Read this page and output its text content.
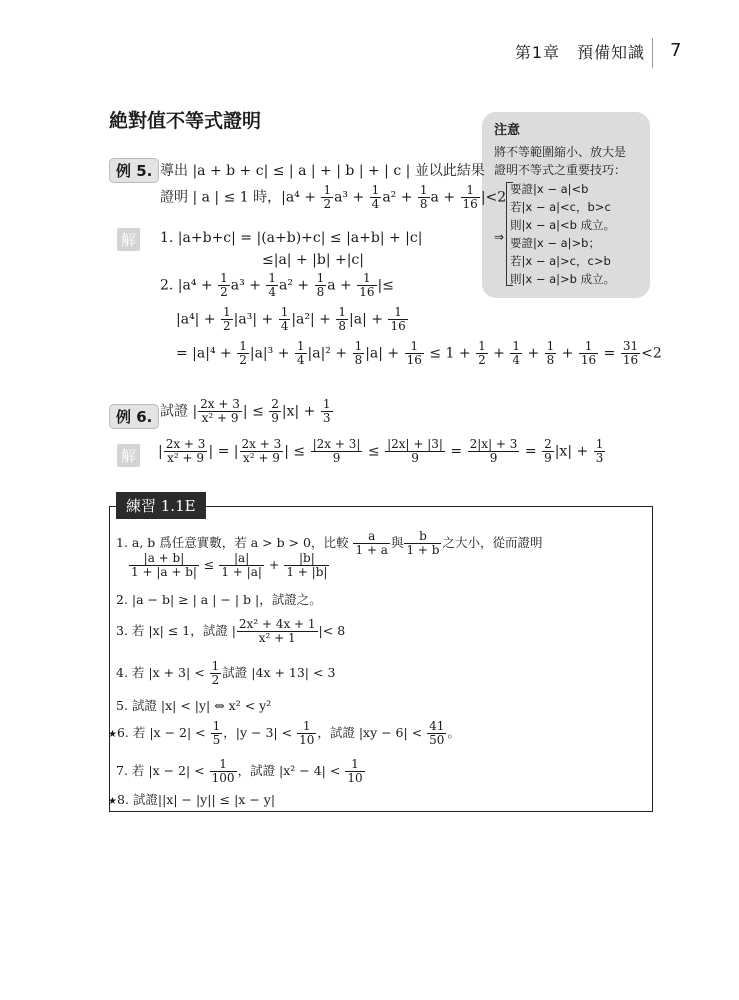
第1章　預備知識 7
絶對值不等式證明	注意
將不等範圍縮小、放大是
證明不等式之重要技巧：
⇒
要證|x − a|<b
若|x − a|<c，b>c
則|x − a|<b 成立。
要證|x − a|>b；
若|x − a|>c，c>b
則|x − a|>b 成立。
例 5. 導出 |a + b + c| ≤ | a | + | b | + | c | 並以此結果
證明 | a | ≤ 1 時，$|a^4 + \frac{1}{2} a^3 + \frac{1}{4} a^2 + \frac{1}{8}$ $a + \frac{1}{16} |<2$
解 1. |a+b+c| = |(a+b)+c| ≤ |a+b| + |c|
≤|a| + |b| +|c|
2. $|a^4 + \frac{1}{2} a^3 + \frac{1}{4} a^2 + \frac{1}{8}$ $a + \frac{1}{16}$ |≤
$|a^4| + \frac{1}{2} |a^3| + \frac{1}{4} |a^2| + \frac{1}{8} |a| + \frac{1}{16}$
= $|a|^4 + \frac{1}{2} |a|^3 + \frac{1}{4} |a|^2 + \frac{1}{8} |a| + \frac{1}{16} \le 1 + \frac{1}{2} + \frac{1}{4} + \frac{1}{8} + \frac{1}{16} = \frac{31}{16} <2$
例 6. 試證 | $\frac{2x + 3}{\text{x² + 9}}$ | ≤ $\frac{2}{9} |x| + \frac{1}{3}$
解 | $\frac{2x + 3}{\text{x² + 9}}$ | = | $\frac{2x + 3}{\text{x² + 9}}$ | ≤ $\frac{|2x + 3|}{9} \le \frac{|2x| + |3|}{9} = \frac{2|x| + 3}{9} = \frac{2}{9} |x| + \frac{1}{3}$
練習 1.1E
1. a, b 爲任意實數，若 a > b > 0，比較 $\frac{a}{1 + a}$ 與 $\frac{b}{1 + b}$ 之大小，從而證明
$\frac{|a + b|}{1 + |a + b|} \le \frac{|a|}{1 + |a|} + \frac{|b|}{1 + |b|}$
2. |a − b| ≥ | a | − | b |，試證之。
3. 若 |x| ≤ 1，試證 | $\frac{\text{2x² + 4x + 1}}{\text{x² + 1}}$ |< 8
4. 若 $|x + 3| < \frac{1}{2}$ 試證 |4x + 13| < 3
5. 試證 |x| < |y| ⇔ x² < y²
★6. 若 $|x - 2| < \frac{1}{5}$ ，$|y - 3| < \frac{1}{10}$ ，試證 $|xy - 6| < \frac{41}{50}$ 。
7. 若 $|x - 2| < \frac{1}{100}$ ，試證 $|x^2 - 4| < \frac{1}{10}$
★8. 試證||x| − |y|| ≤ |x − y|
